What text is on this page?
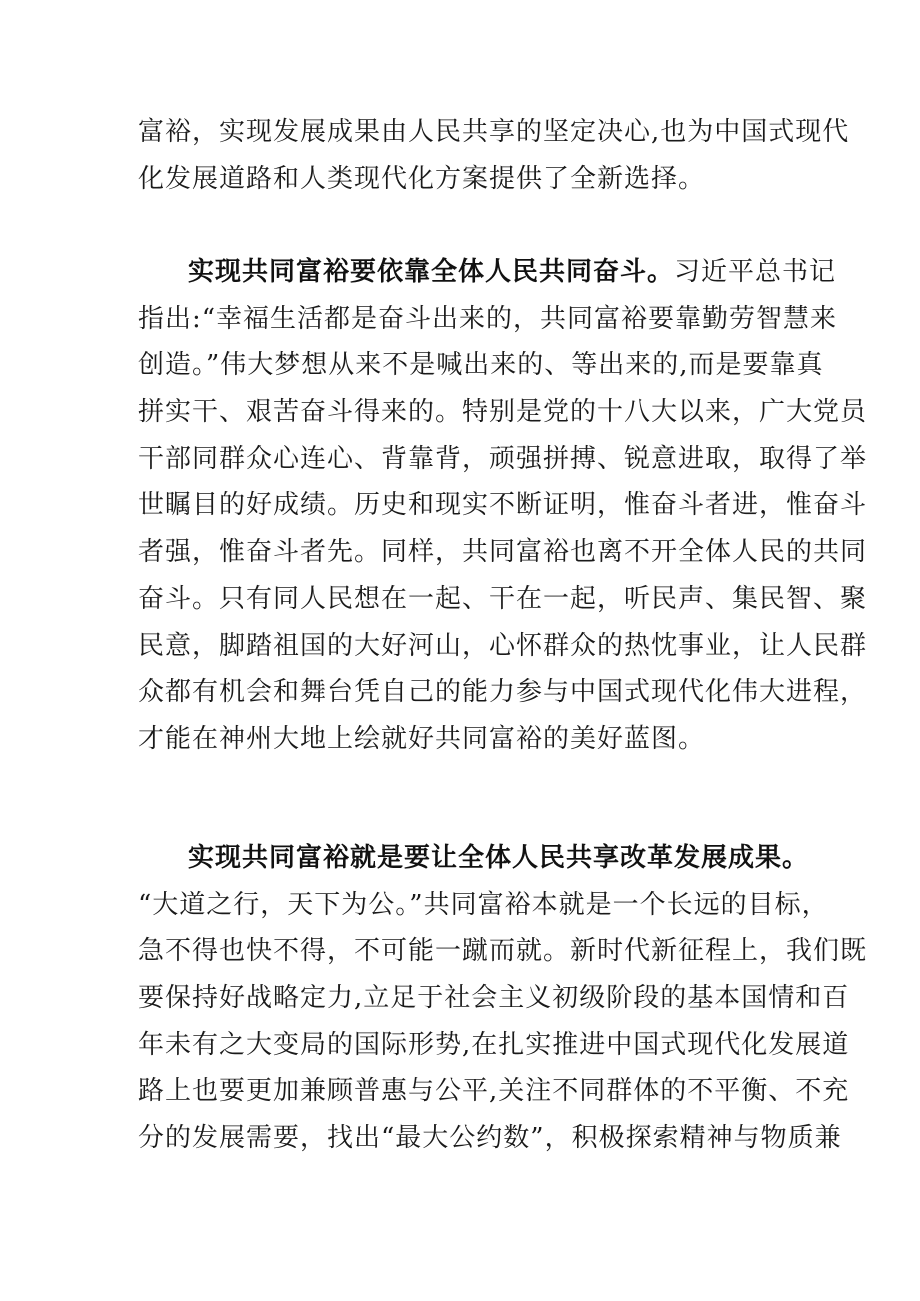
富裕，实现发展成果由人民共享的坚定决心,也为中国式现代
化发展道路和人类现代化方案提供了全新选择。
实现共同富裕要依靠全体人民共同奋斗。习近平总书记
指出:“幸福生活都是奋斗出来的，共同富裕要靠勤劳智慧来
创造。”伟大梦想从来不是喊出来的、等出来的,而是要靠真
拼实干、艰苦奋斗得来的。特别是党的十八大以来，广大党员
干部同群众心连心、背靠背，顽强拼搏、锐意进取，取得了举
世瞩目的好成绩。历史和现实不断证明，惟奋斗者进，惟奋斗
者强，惟奋斗者先。同样，共同富裕也离不开全体人民的共同
奋斗。只有同人民想在一起、干在一起，听民声、集民智、聚
民意，脚踏祖国的大好河山，心怀群众的热忱事业，让人民群
众都有机会和舞台凭自己的能力参与中国式现代化伟大进程，
才能在神州大地上绘就好共同富裕的美好蓝图。
实现共同富裕就是要让全体人民共享改革发展成果。
“大道之行，天下为公。”共同富裕本就是一个长远的目标，
急不得也快不得，不可能一蹴而就。新时代新征程上，我们既
要保持好战略定力,立足于社会主义初级阶段的基本国情和百
年未有之大变局的国际形势,在扎实推进中国式现代化发展道
路上也要更加兼顾普惠与公平,关注不同群体的不平衡、不充
分的发展需要，找出“最大公约数”，积极探索精神与物质兼
